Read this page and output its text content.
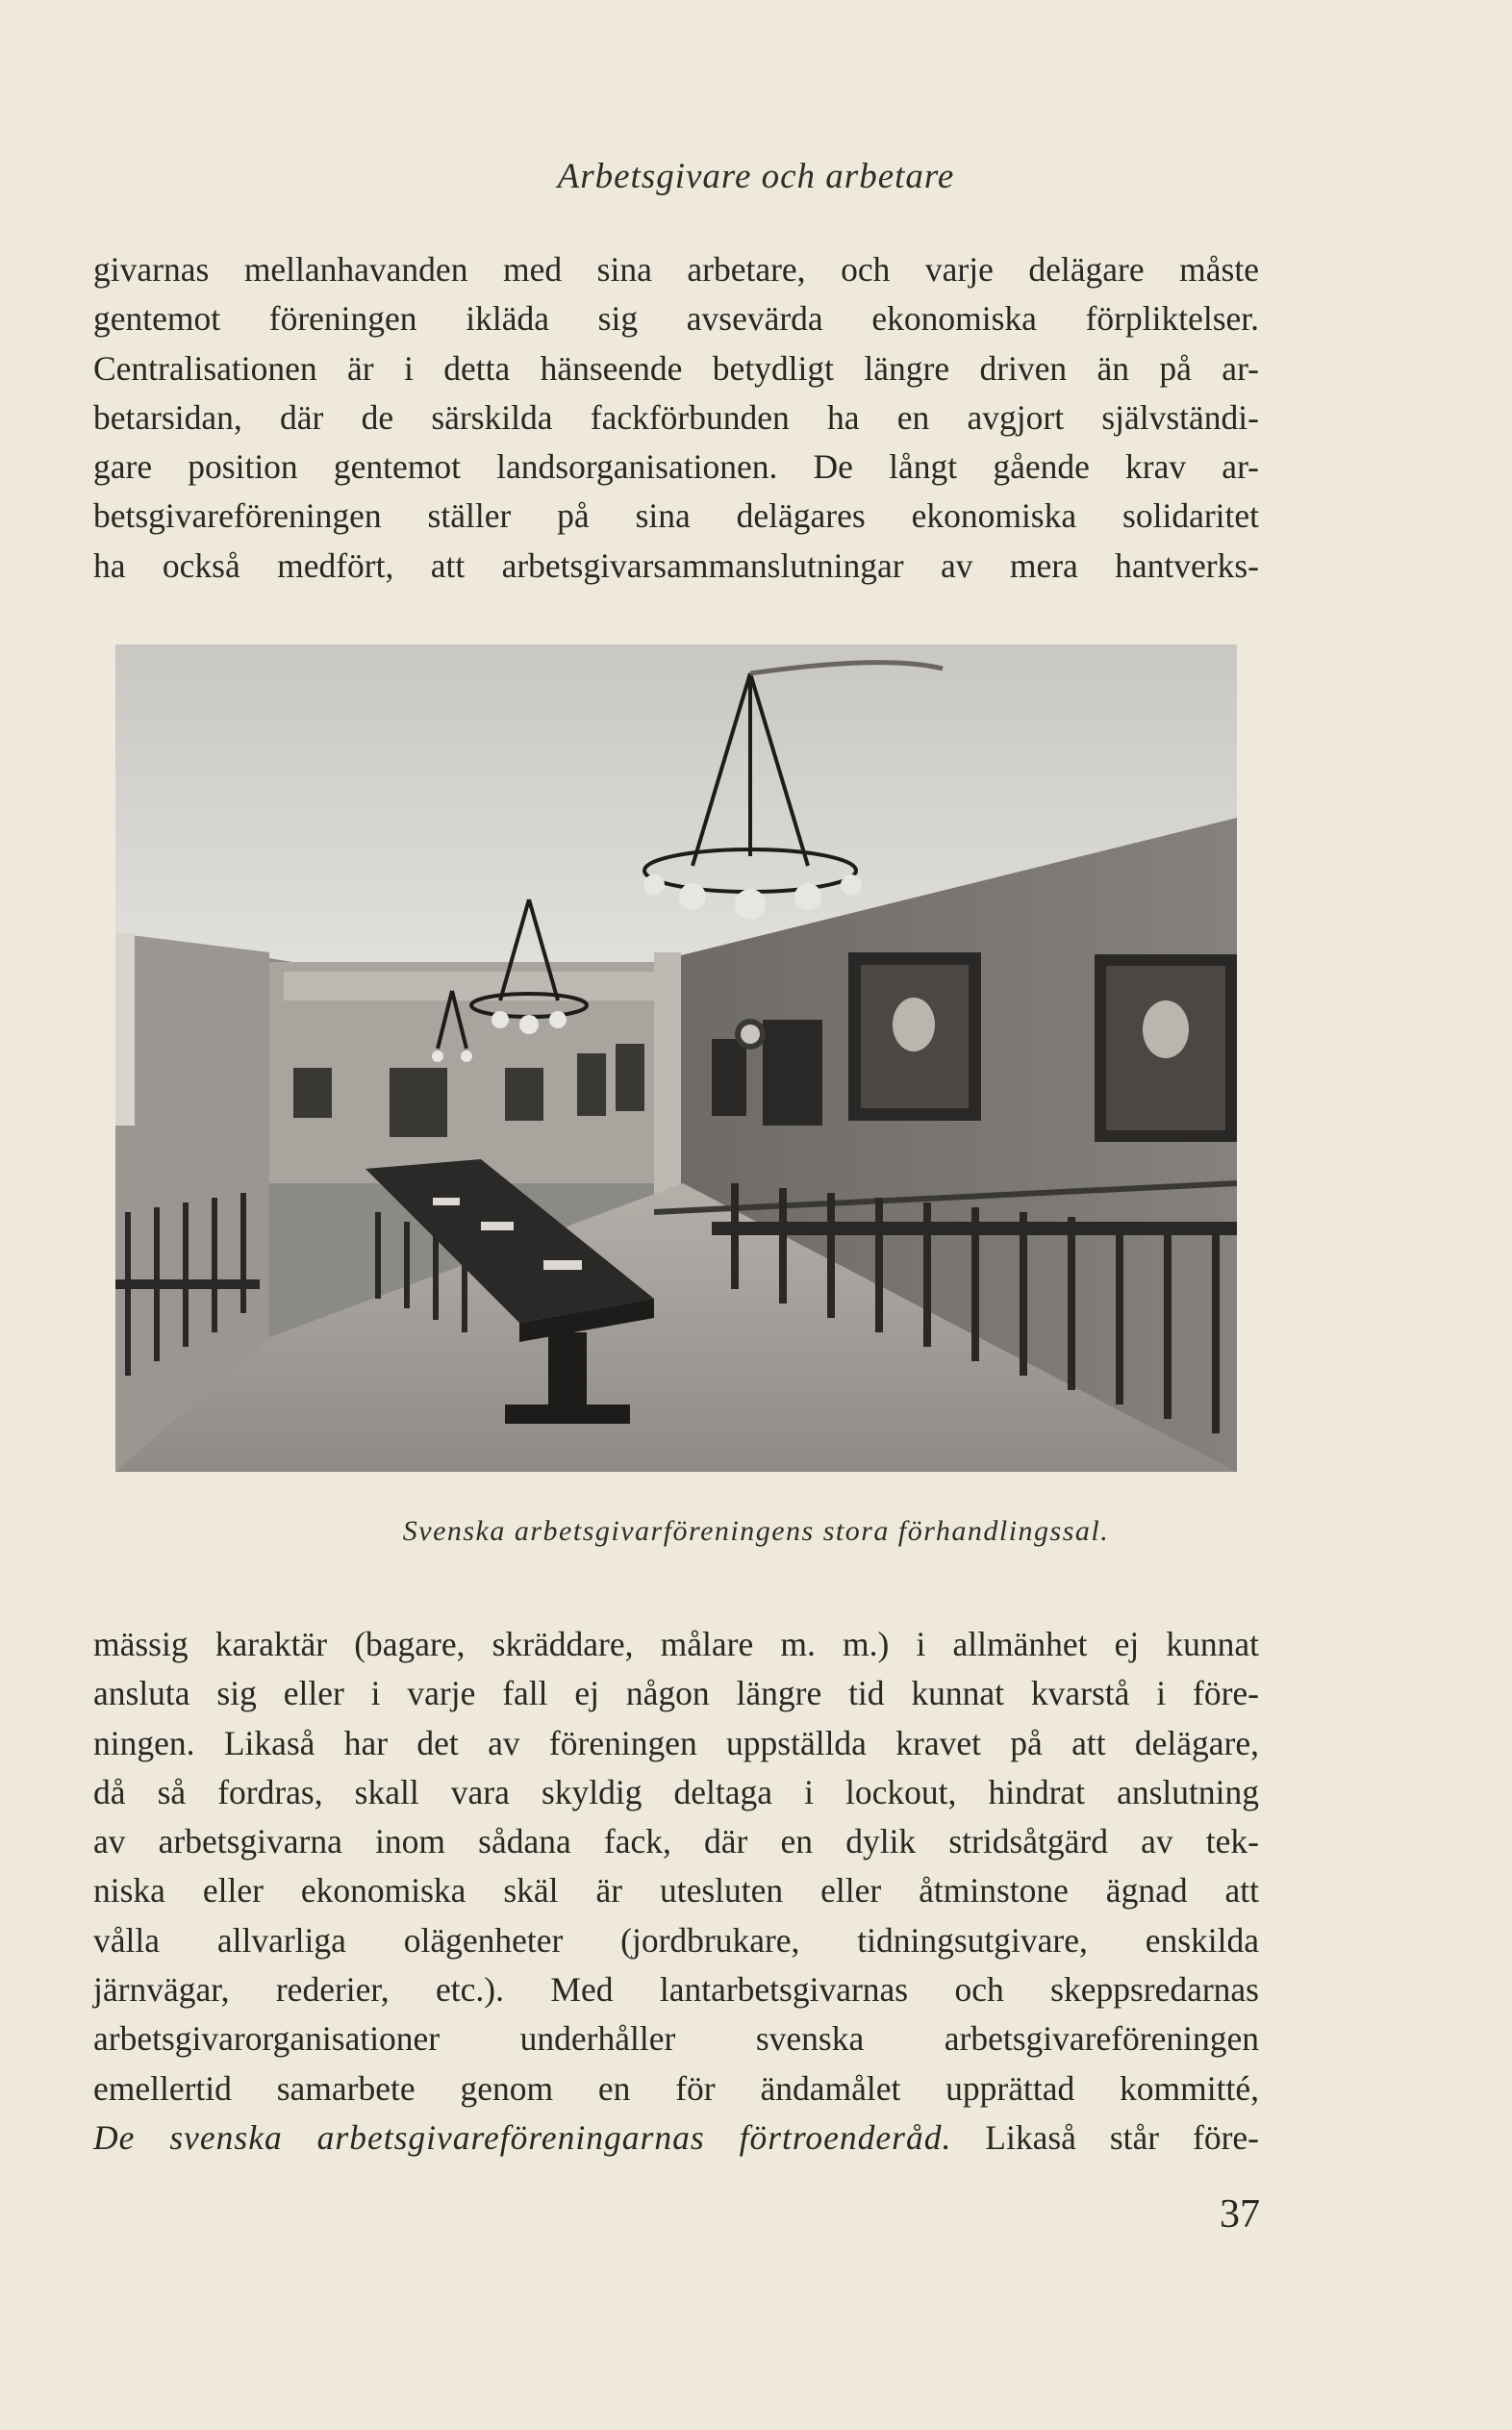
Arbetsgivare och arbetare
givarnas mellanhavanden med sina arbetare, och varje delägare måste
gentemot föreningen ikläda sig avsevärda ekonomiska förpliktelser.
Centralisationen är i detta hänseende betydligt längre driven än på ar-
betarsidan, där de särskilda fackförbunden ha en avgjort självständi-
gare position gentemot landsorganisationen. De långt gående krav ar-
betsgivareföreningen ställer på sina delägares ekonomiska solidaritet
ha också medfört, att arbetsgivarsammanslutningar av mera hantverks-
Svenska arbetsgivarföreningens stora förhandlingssal.
mässig karaktär (bagare, skräddare, målare m. m.) i allmänhet ej kunnat
ansluta sig eller i varje fall ej någon längre tid kunnat kvarstå i före-
ningen. Likaså har det av föreningen uppställda kravet på att delägare,
då så fordras, skall vara skyldig deltaga i lockout, hindrat anslutning
av arbetsgivarna inom sådana fack, där en dylik stridsåtgärd av tek-
niska eller ekonomiska skäl är utesluten eller åtminstone ägnad att
vålla allvarliga olägenheter (jordbrukare, tidningsutgivare, enskilda
järnvägar, rederier, etc.). Med lantarbetsgivarnas och skeppsredarnas
arbetsgivarorganisationer underhåller svenska arbetsgivareföreningen
emellertid samarbete genom en för ändamålet upprättad kommitté,
De svenska arbetsgivareföreningarnas förtroenderåd. Likaså står före-
37
